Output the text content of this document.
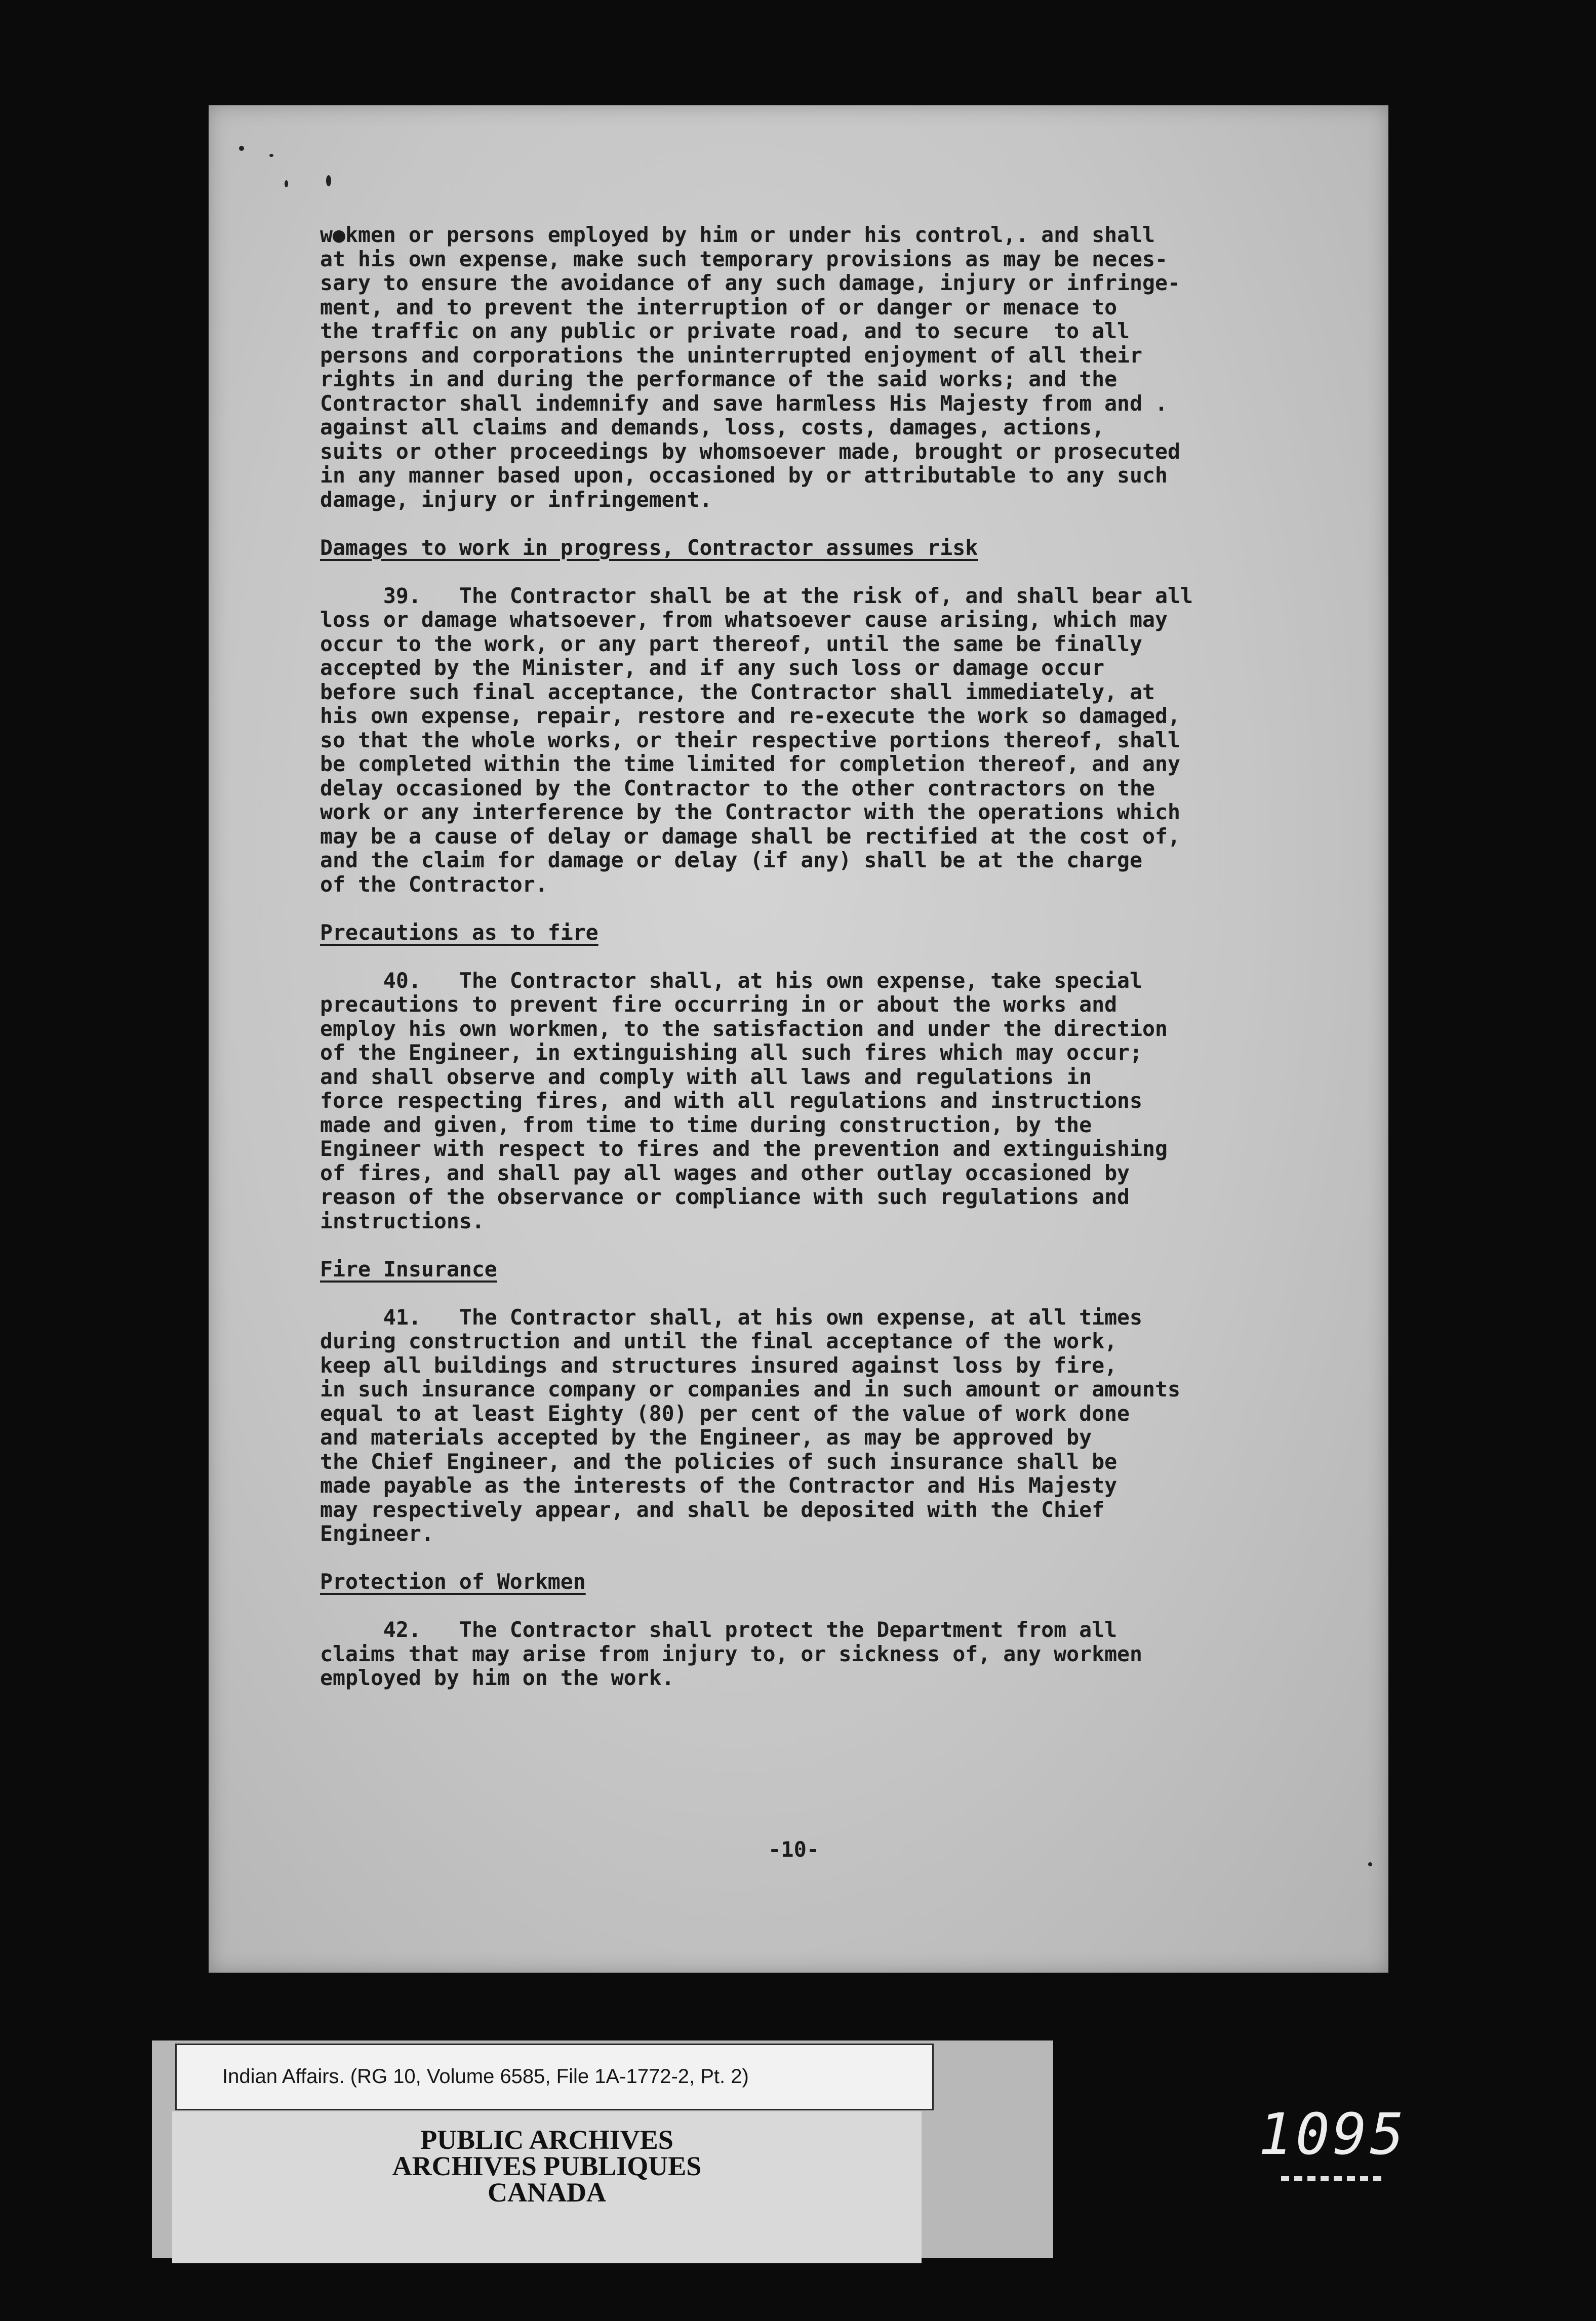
w●kmen or persons employed by him or under his control,. and shall

at his own expense, make such temporary provisions as may be neces-

sary to ensure the avoidance of any such damage, injury or infringe-

ment, and to prevent the interruption of or danger or menace to

the traffic on any public or private road, and to secure  to all

persons and corporations the uninterrupted enjoyment of all their

rights in and during the performance of the said works; and the

Contractor shall indemnify and save harmless His Majesty from and .

against all claims and demands, loss, costs, damages, actions,

suits or other proceedings by whomsoever made, brought or prosecuted

in any manner based upon, occasioned by or attributable to any such

damage, injury or infringement.

Damages to work in progress, Contractor assumes risk

39.   The Contractor shall be at the risk of, and shall bear all

loss or damage whatsoever, from whatsoever cause arising, which may

occur to the work, or any part thereof, until the same be finally

accepted by the Minister, and if any such loss or damage occur

before such final acceptance, the Contractor shall immediately, at

his own expense, repair, restore and re-execute the work so damaged,

so that the whole works, or their respective portions thereof, shall

be completed within the time limited for completion thereof, and any

delay occasioned by the Contractor to the other contractors on the

work or any interference by the Contractor with the operations which

may be a cause of delay or damage shall be rectified at the cost of,

and the claim for damage or delay (if any) shall be at the charge

of the Contractor.

Precautions as to fire

40.   The Contractor shall, at his own expense, take special

precautions to prevent fire occurring in or about the works and

employ his own workmen, to the satisfaction and under the direction

of the Engineer, in extinguishing all such fires which may occur;

and shall observe and comply with all laws and regulations in

force respecting fires, and with all regulations and instructions

made and given, from time to time during construction, by the

Engineer with respect to fires and the prevention and extinguishing

of fires, and shall pay all wages and other outlay occasioned by

reason of the observance or compliance with such regulations and

instructions.

Fire Insurance

41.   The Contractor shall, at his own expense, at all times

during construction and until the final acceptance of the work,

keep all buildings and structures insured against loss by fire,

in such insurance company or companies and in such amount or amounts

equal to at least Eighty (80) per cent of the value of work done

and materials accepted by the Engineer, as may be approved by

the Chief Engineer, and the policies of such insurance shall be

made payable as the interests of the Contractor and His Majesty

may respectively appear, and shall be deposited with the Chief

Engineer.

Protection of Workmen

42.   The Contractor shall protect the Department from all

claims that may arise from injury to, or sickness of, any workmen

employed by him on the work.

-10-
Indian Affairs. (RG 10, Volume 6585, File 1A-1772-2, Pt. 2)
PUBLIC ARCHIVES
ARCHIVES PUBLIQUES
CANADA
1095
